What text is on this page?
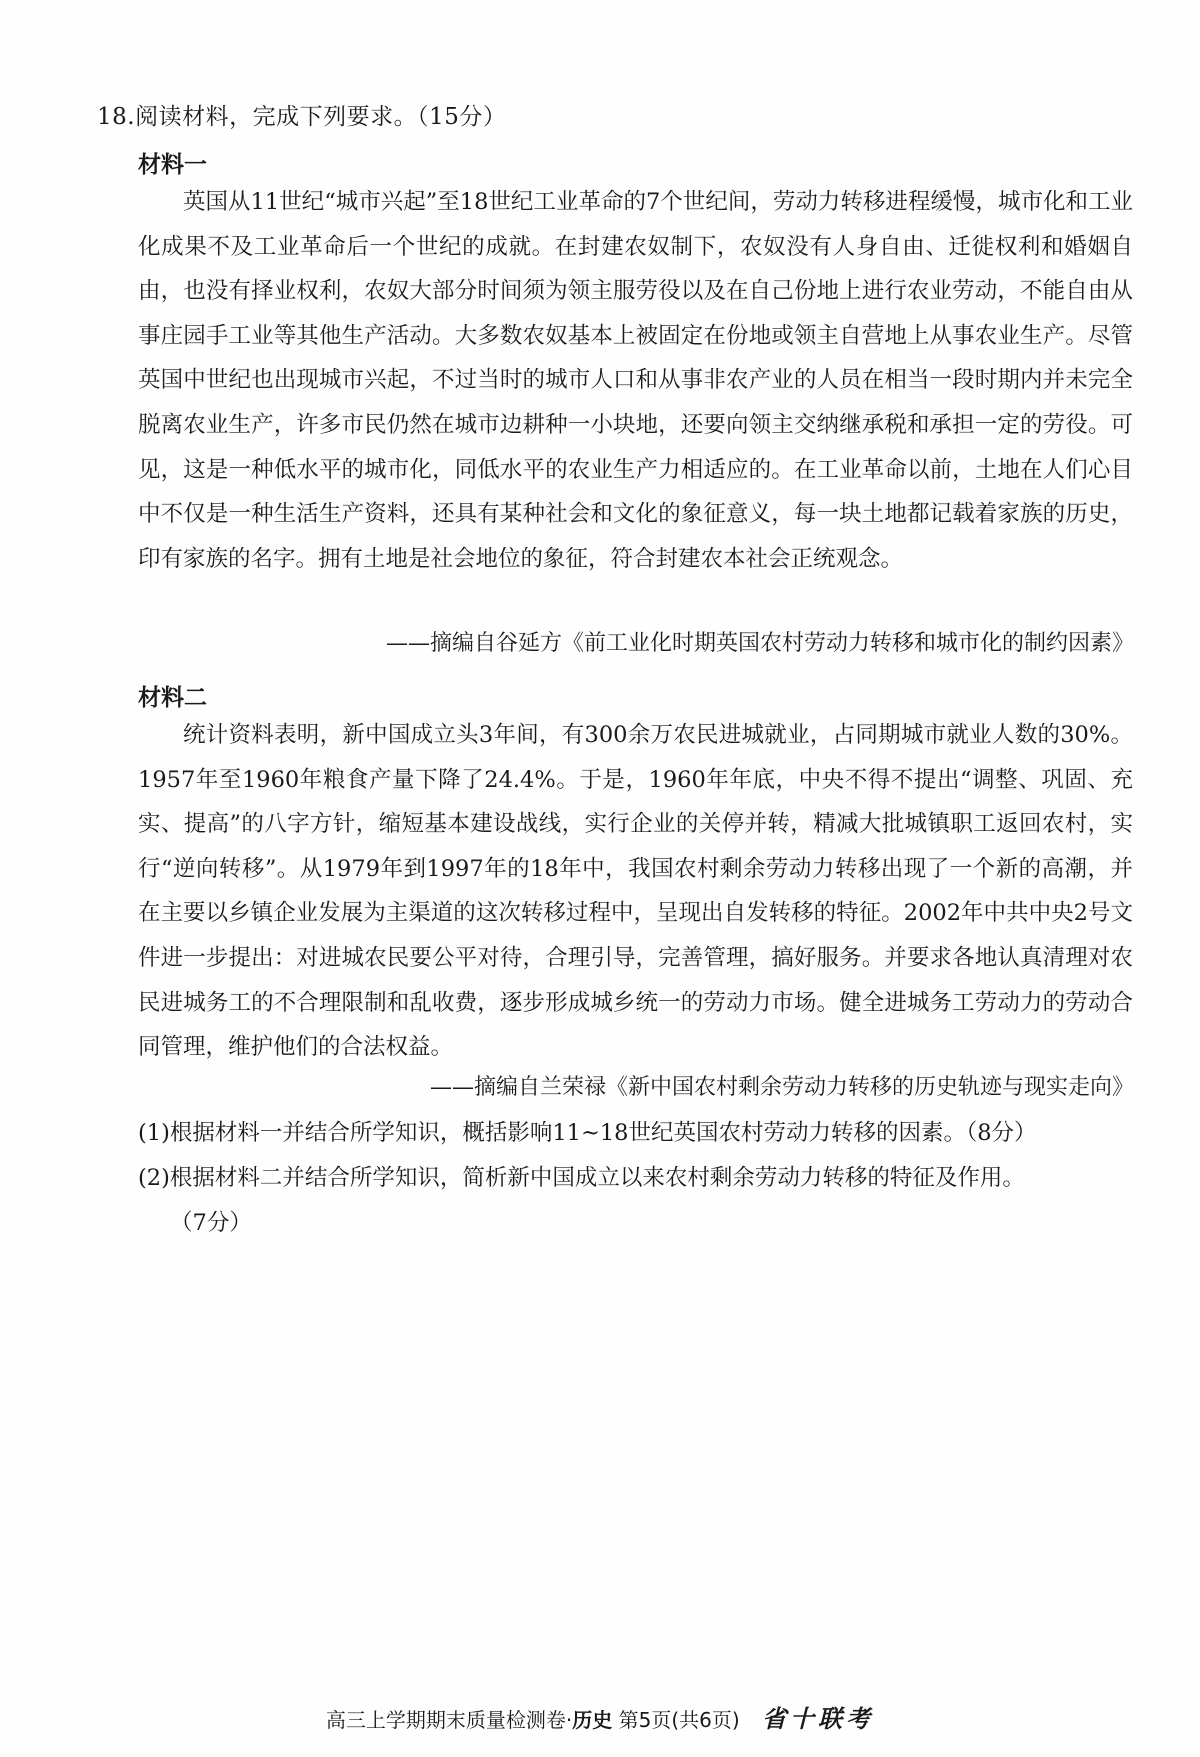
18.阅读材料，完成下列要求。（15分）
材料一
英国从11世纪“城市兴起”至18世纪工业革命的7个世纪间，劳动力转移进程缓慢，城市化和工业化成果不及工业革命后一个世纪的成就。在封建农奴制下，农奴没有人身自由、迁徙权利和婚姻自由，也没有择业权利，农奴大部分时间须为领主服劳役以及在自己份地上进行农业劳动，不能自由从事庄园手工业等其他生产活动。大多数农奴基本上被固定在份地或领主自营地上从事农业生产。尽管英国中世纪也出现城市兴起，不过当时的城市人口和从事非农产业的人员在相当一段时期内并未完全脱离农业生产，许多市民仍然在城市边耕种一小块地，还要向领主交纳继承税和承担一定的劳役。可见，这是一种低水平的城市化，同低水平的农业生产力相适应的。在工业革命以前，土地在人们心目中不仅是一种生活生产资料，还具有某种社会和文化的象征意义，每一块土地都记载着家族的历史，印有家族的名字。拥有土地是社会地位的象征，符合封建农本社会正统观念。
——摘编自谷延方《前工业化时期英国农村劳动力转移和城市化的制约因素》
材料二
统计资料表明，新中国成立头3年间，有300余万农民进城就业，占同期城市就业人数的30%。1957年至1960年粮食产量下降了24.4%。于是，1960年年底，中央不得不提出“调整、巩固、充实、提高”的八字方针，缩短基本建设战线，实行企业的关停并转，精减大批城镇职工返回农村，实行“逆向转移”。从1979年到1997年的18年中，我国农村剩余劳动力转移出现了一个新的高潮，并在主要以乡镇企业发展为主渠道的这次转移过程中，呈现出自发转移的特征。2002年中共中央2号文件进一步提出：对进城农民要公平对待，合理引导，完善管理，搞好服务。并要求各地认真清理对农民进城务工的不合理限制和乱收费，逐步形成城乡统一的劳动力市场。健全进城务工劳动力的劳动合同管理，维护他们的合法权益。
——摘编自兰荣禄《新中国农村剩余劳动力转移的历史轨迹与现实走向》
(1)根据材料一并结合所学知识，概括影响11~18世纪英国农村劳动力转移的因素。（8分）
(2)根据材料二并结合所学知识，简析新中国成立以来农村剩余劳动力转移的特征及作用。
（7分）
高三上学期期末质量检测卷·历史 第5页(共6页) 省十联考
